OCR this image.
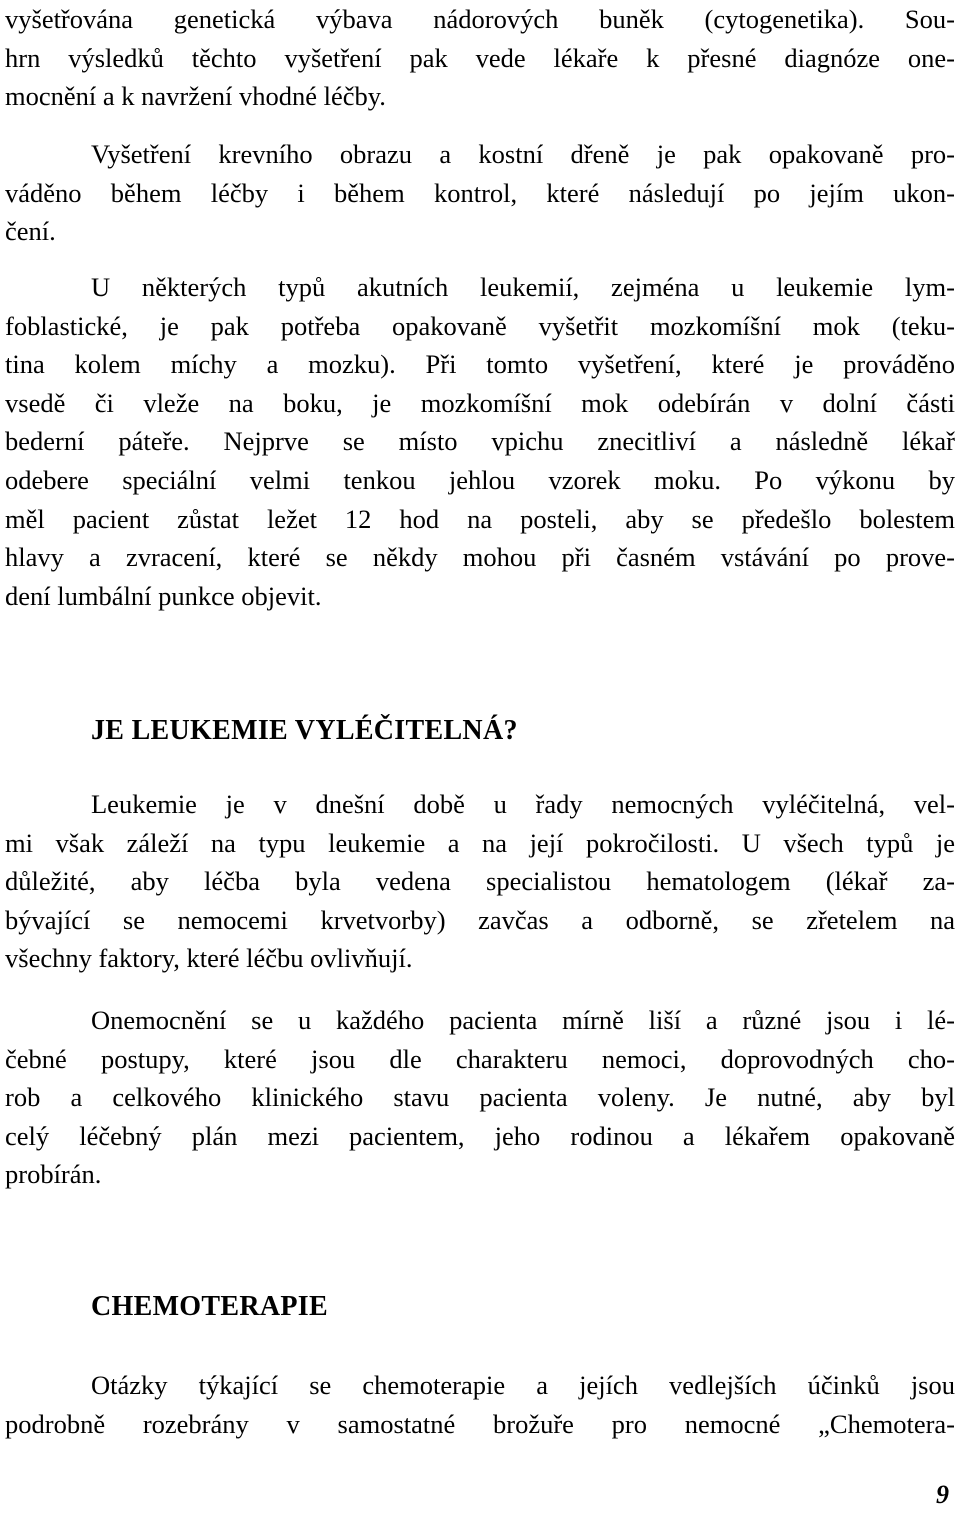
vyšetřována genetická výbava nádorových buněk (cytogenetika). Sou-
hrn výsledků těchto vyšetření pak vede lékaře k přesné diagnóze one-
mocnění a k navržení vhodné léčby.
Vyšetření krevního obrazu a kostní dřeně je pak opakovaně pro-
váděno během léčby i během kontrol, které následují po jejím ukon-
čení.
U některých typů akutních leukemií, zejména u leukemie lym-
foblastické, je pak potřeba opakovaně vyšetřit mozkomíšní mok (teku-
tina kolem míchy a mozku). Při tomto vyšetření, které je prováděno
vsedě či vleže na boku, je mozkomíšní mok odebírán v dolní části
bederní páteře. Nejprve se místo vpichu znecitliví a následně lékař
odebere speciální velmi tenkou jehlou vzorek moku. Po výkonu by
měl pacient zůstat ležet 12 hod na posteli, aby se předešlo bolestem
hlavy a zvracení, které se někdy mohou při časném vstávání po prove-
dení lumbální punkce objevit.
JE LEUKEMIE VYLÉČITELNÁ?
Leukemie je v dnešní době u řady nemocných vyléčitelná, vel-
mi však záleží na typu leukemie a na její pokročilosti. U všech typů je
důležité, aby léčba byla vedena specialistou hematologem (lékař za-
bývající se nemocemi krvetvorby) zavčas a odborně, se zřetelem na
všechny faktory, které léčbu ovlivňují.
Onemocnění se u každého pacienta mírně liší a různé jsou i lé-
čebné postupy, které jsou dle charakteru nemoci, doprovodných cho-
rob a celkového klinického stavu pacienta voleny. Je nutné, aby byl
celý léčebný plán mezi pacientem, jeho rodinou a lékařem opakovaně
probírán.
CHEMOTERAPIE
Otázky týkající se chemoterapie a jejích vedlejších účinků jsou
podrobně rozebrány v samostatné brožuře pro nemocné „Chemotera-
9
